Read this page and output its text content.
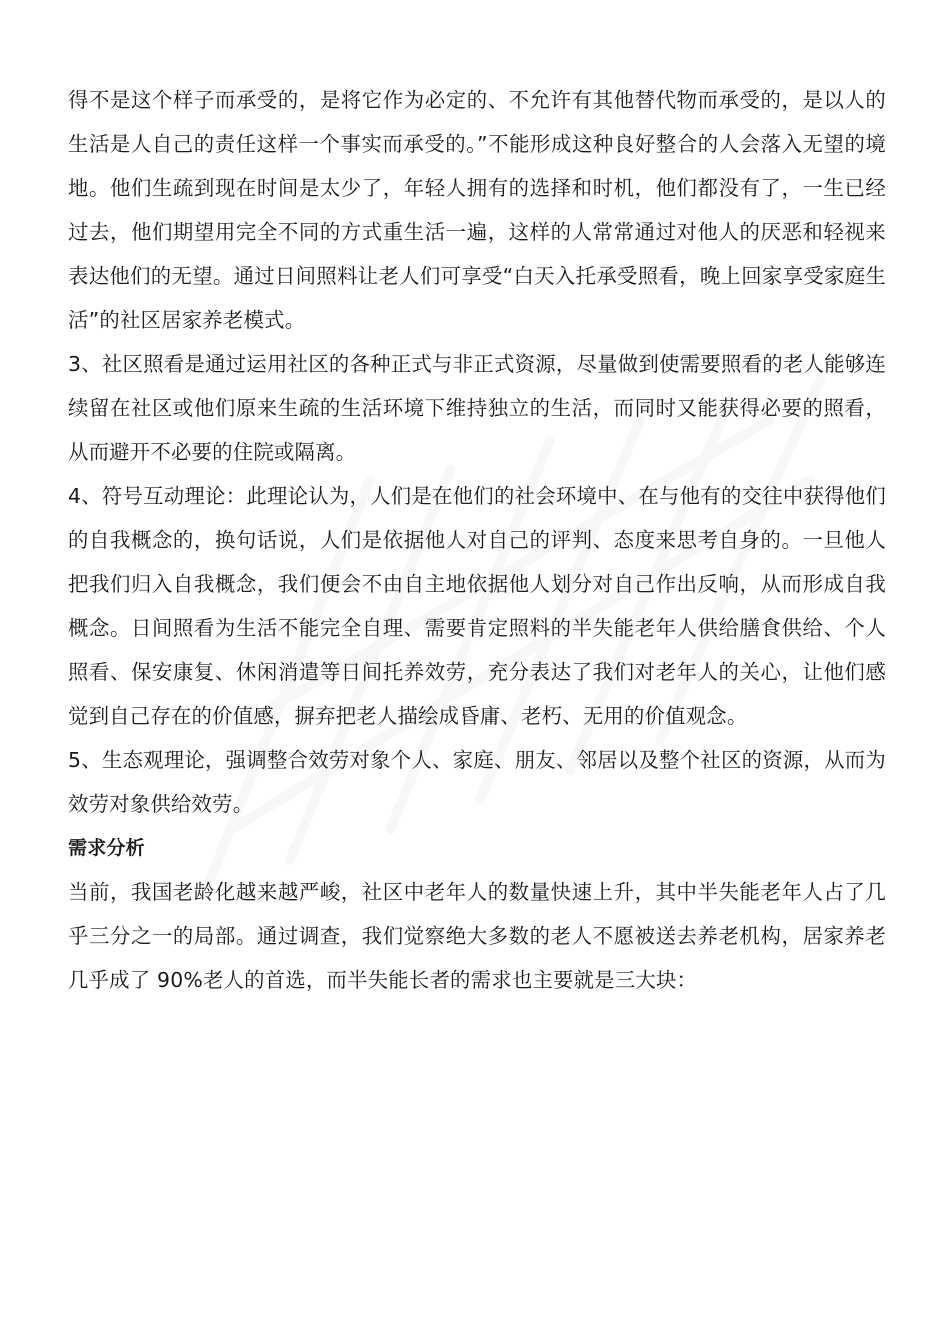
得不是这个样子而承受的，是将它作为必定的、不允许有其他替代物而承受的，是以人的生活是人自己的责任这样一个事实而承受的。”不能形成这种良好整合的人会落入无望的境地。他们生疏到现在时间是太少了，年轻人拥有的选择和时机，他们都没有了，一生已经过去，他们期望用完全不同的方式重生活一遍，这样的人常常通过对他人的厌恶和轻视来表达他们的无望。通过日间照料让老人们可享受“白天入托承受照看，晚上回家享受家庭生活”的社区居家养老模式。

3、社区照看是通过运用社区的各种正式与非正式资源，尽量做到使需要照看的老人能够连续留在社区或他们原来生疏的生活环境下维持独立的生活，而同时又能获得必要的照看，从而避开不必要的住院或隔离。

4、符号互动理论：此理论认为，人们是在他们的社会环境中、在与他有的交往中获得他们的自我概念的，换句话说，人们是依据他人对自己的评判、态度来思考自身的。一旦他人把我们归入自我概念，我们便会不由自主地依据他人划分对自己作出反响，从而形成自我概念。日间照看为生活不能完全自理、需要肯定照料的半失能老年人供给膳食供给、个人照看、保安康复、休闲消遣等日间托养效劳，充分表达了我们对老年人的关心，让他们感觉到自己存在的价值感，摒弃把老人描绘成昏庸、老朽、无用的价值观念。

5、生态观理论，强调整合效劳对象个人、家庭、朋友、邻居以及整个社区的资源，从而为效劳对象供给效劳。

需求分析

当前，我国老龄化越来越严峻，社区中老年人的数量快速上升，其中半失能老年人占了几乎三分之一的局部。通过调查，我们觉察绝大多数的老人不愿被送去养老机构，居家养老几乎成了 90%老人的首选，而半失能长者的需求也主要就是三大块：
